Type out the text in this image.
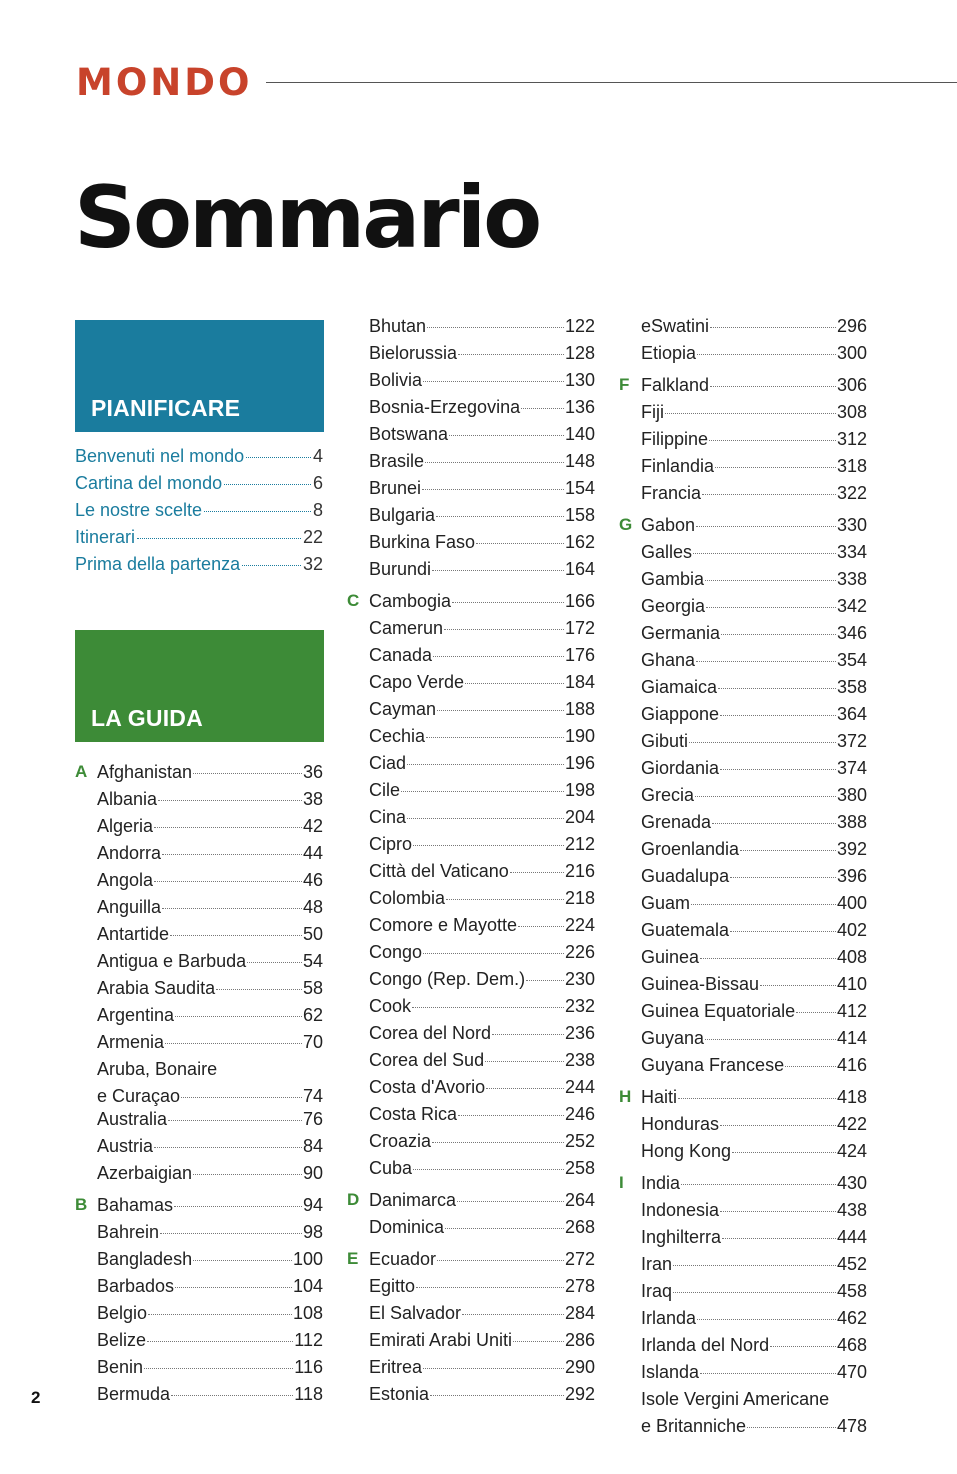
MONDO
Sommario
PIANIFICARE
Benvenuti nel mondo	4
Cartina del mondo	6
Le nostre scelte	8
Itinerari	22
Prima della partenza	32
LA GUIDA
A Afghanistan	36
Albania	38
Algeria	42
Andorra	44
Angola	46
Anguilla	48
Antartide	50
Antigua e Barbuda	54
Arabia Saudita	58
Argentina	62
Armenia	70
Aruba, Bonaire
e Curaçao	74
Australia	76
Austria	84
Azerbaigian	90
B Bahamas	94
Bahrein	98
Bangladesh	100
Barbados	104
Belgio	108
Belize	112
Benin	116
Bermuda	118
Bhutan	122
Bielorussia	128
Bolivia	130
Bosnia-Erzegovina 136
Botswana	140
Brasile	148
Brunei	154
Bulgaria	158
Burkina Faso	162
Burundi	164
C Cambogia	166
Camerun	172
Canada	176
Capo Verde	184
Cayman	188
Cechia	190
Ciad	196
Cile	198
Cina	204
Cipro	212
Città del Vaticano	216
Colombia	218
Comore e Mayotte	224
Congo	226
Congo (Rep. Dem.) 230
Cook	232
Corea del Nord	236
Corea del Sud	238
Costa d'Avorio	244
Costa Rica	246
Croazia	252
Cuba	258
D Danimarca	264
Dominica	268
E Ecuador	272
Egitto	278
El Salvador	284
Emirati Arabi Uniti	286
Eritrea	290
Estonia	292
eSwatini	296
Etiopia	300
F Falkland	306
Fiji	308
Filippine	312
Finlandia	318
Francia	322
G Gabon	330
Galles	334
Gambia	338
Georgia	342
Germania	346
Ghana	354
Giamaica	358
Giappone	364
Gibuti	372
Giordania	374
Grecia	380
Grenada	388
Groenlandia	392
Guadalupa	396
Guam	400
Guatemala	402
Guinea	408
Guinea-Bissau	410
Guinea Equatoriale 412
Guyana	414
Guyana Francese	416
H Haiti	418
Honduras	422
Hong Kong	424
I India	430
Indonesia	438
Inghilterra	444
Iran	452
Iraq	458
Irlanda	462
Irlanda del Nord	468
Islanda	470
Isole Vergini Americane
e Britanniche	478
2
